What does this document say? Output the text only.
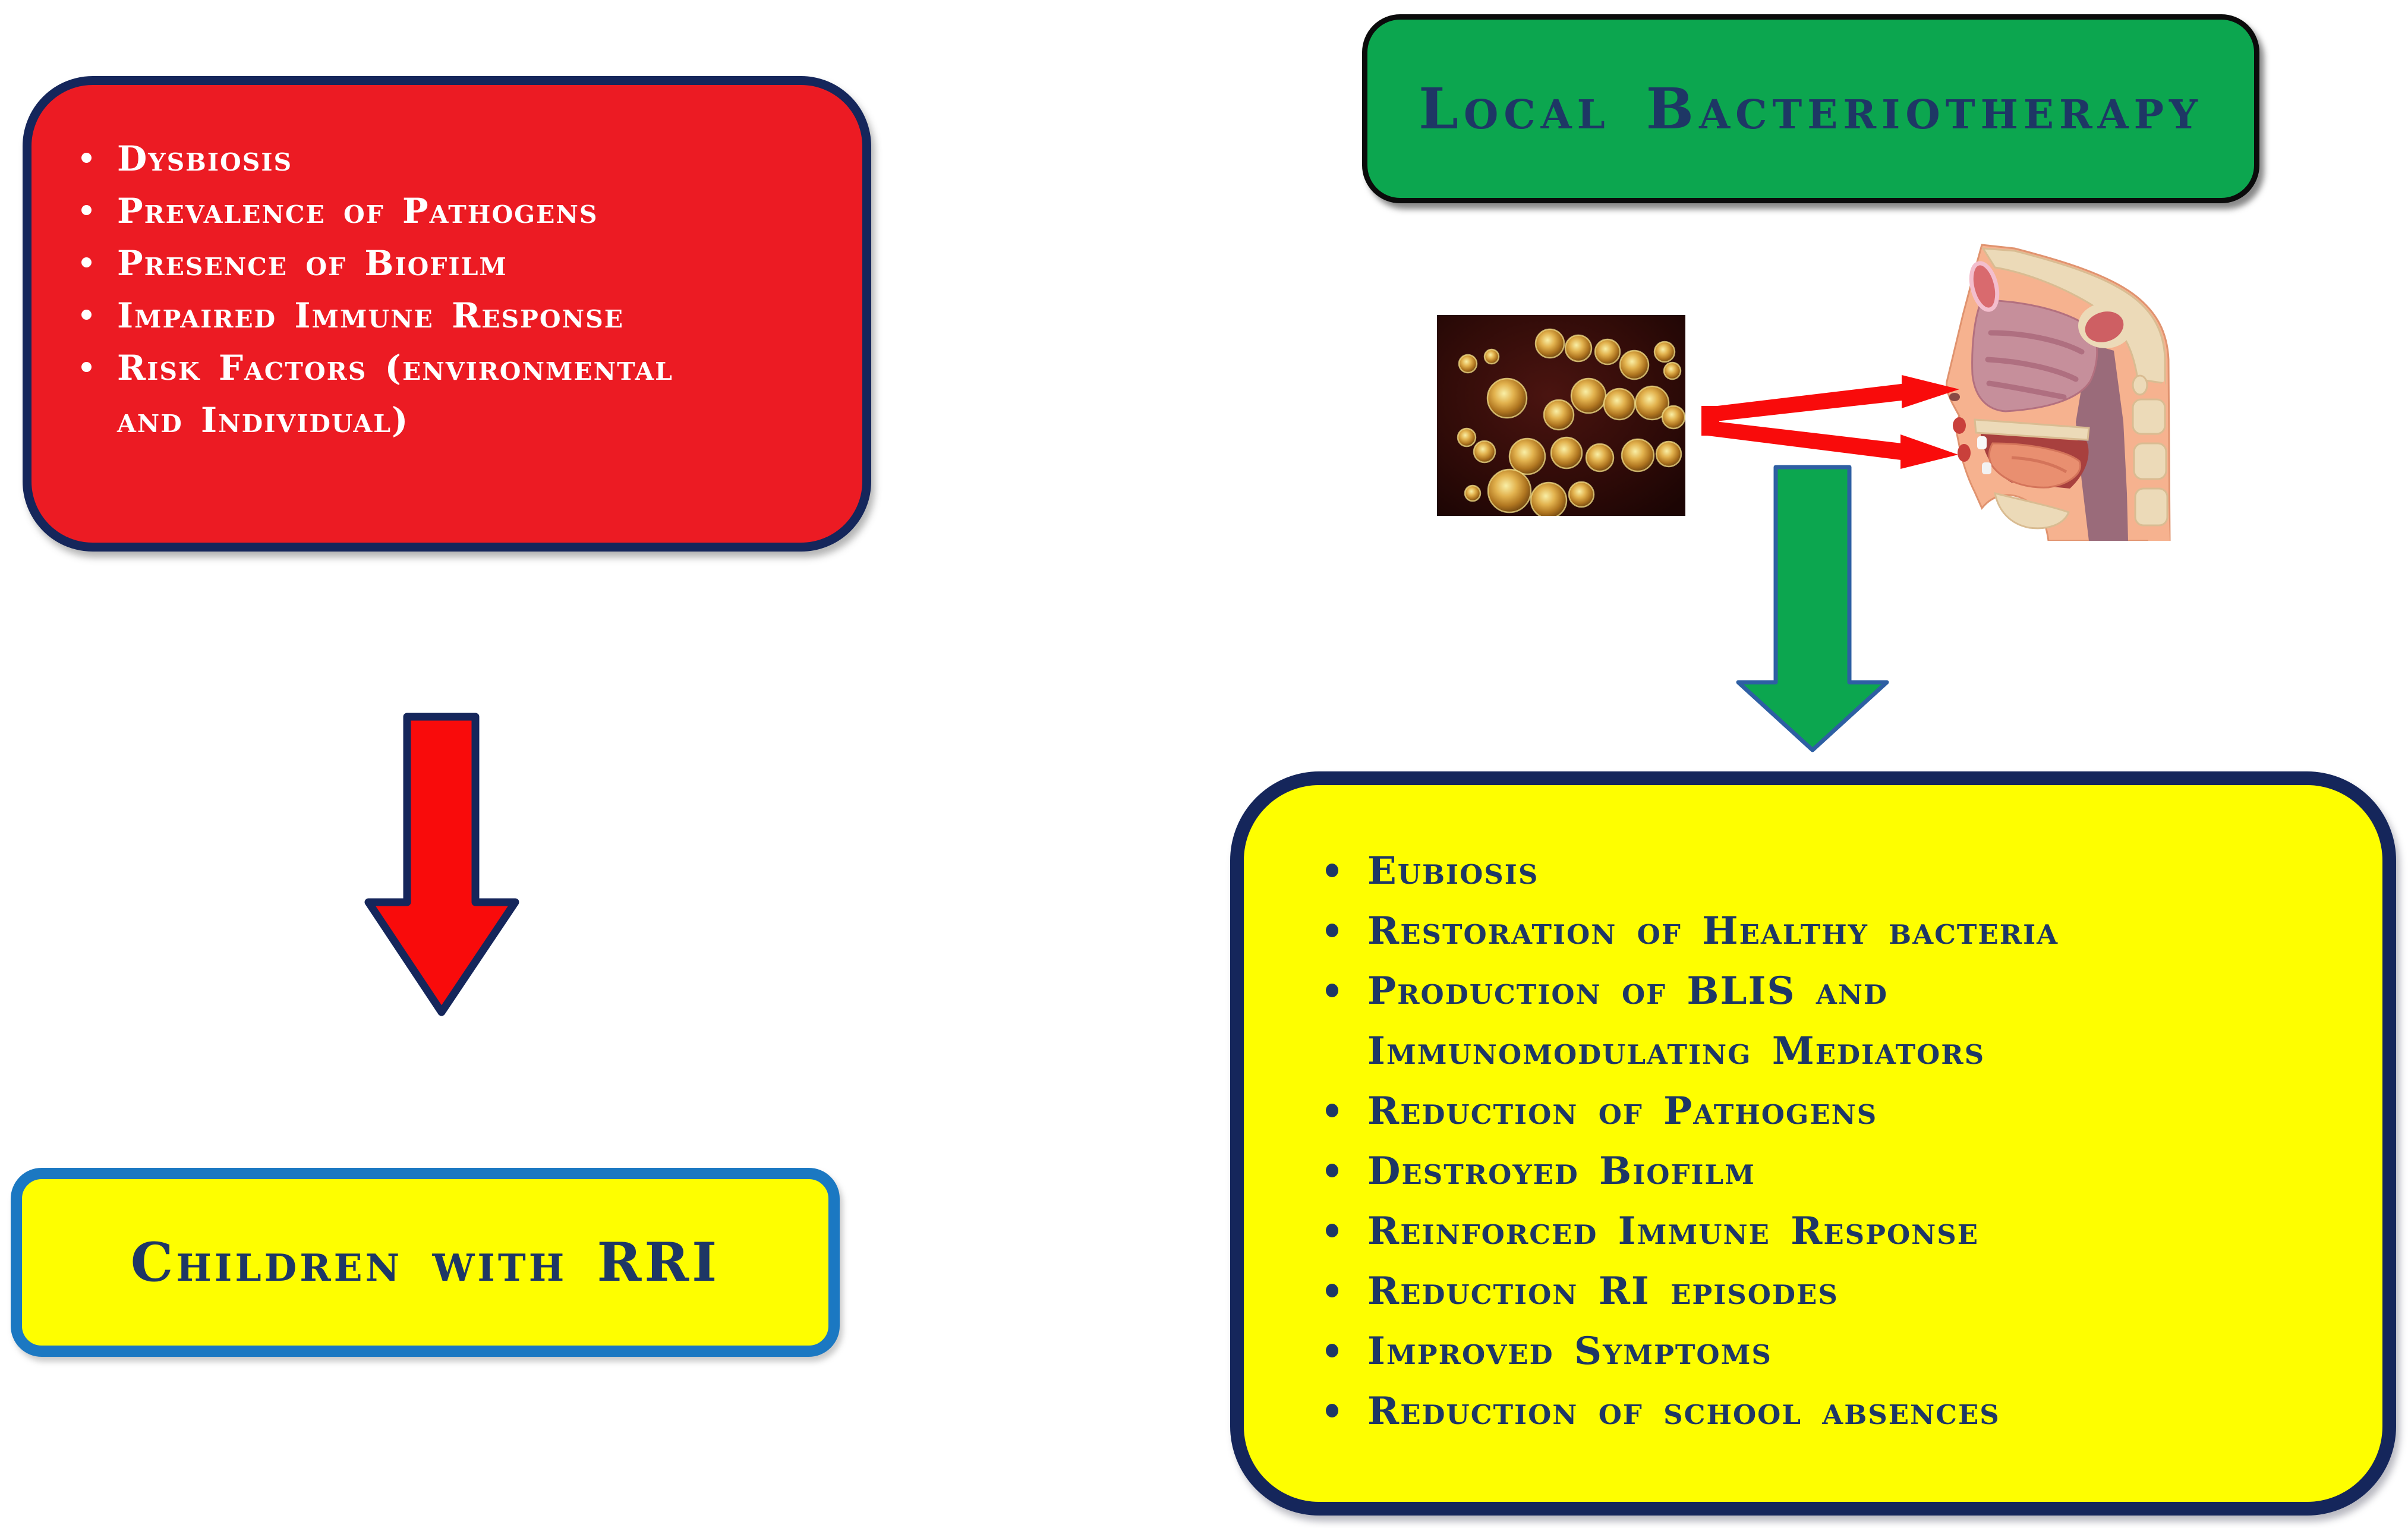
Dysbiosis
Prevalence of Pathogens
Presence of Biofilm
Impaired Immune Response
Risk Factors (environmental and Individual)
Local Bacteriotherapy
Children with RRI
Eubiosis
Restoration of Healthy bacteria
Production of BLIS and Immunomodulating Mediators
Reduction of Pathogens
Destroyed Biofilm
Reinforced Immune Response
Reduction RI episodes
Improved Symptoms
Reduction of school absences
